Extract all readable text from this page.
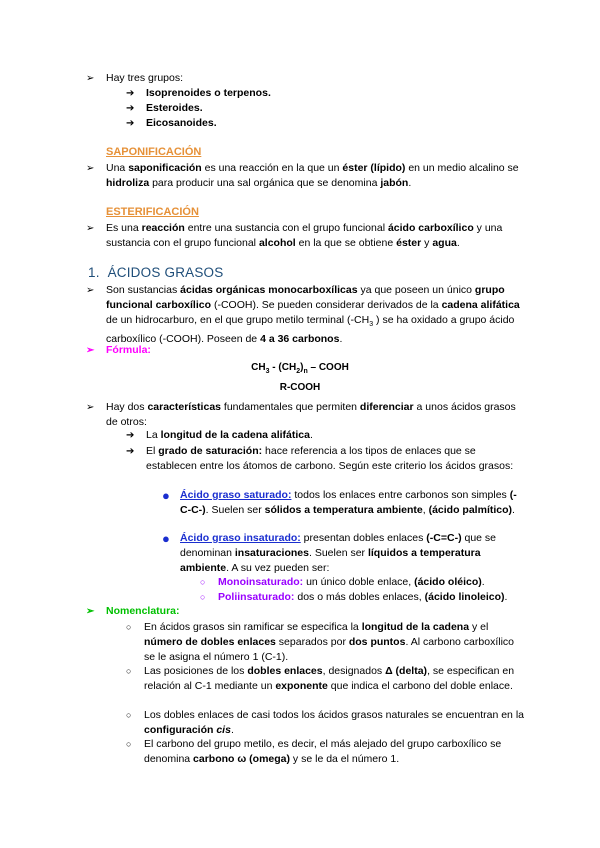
➢ Hay tres grupos:
➔ Isoprenoides o terpenos.
➔ Esteroides.
➔ Eicosanoides.
SAPONIFICACIÓN
➢ Una saponificación es una reacción en la que un éster (lípido) en un medio alcalino se hidroliza para producir una sal orgánica que se denomina jabón.
ESTERIFICACIÓN
➢ Es una reacción entre una sustancia con el grupo funcional ácido carboxílico y una sustancia con el grupo funcional alcohol en la que se obtiene éster y agua.
1. ÁCIDOS GRASOS
➢ Son sustancias ácidas orgánicas monocarboxílicas ya que poseen un único grupo funcional carboxílico (-COOH). Se pueden considerar derivados de la cadena alifática de un hidrocarburo, en el que grupo metilo terminal ($-CH_3$ ) se ha oxidado a grupo ácido carboxílico (-COOH). Poseen de 4 a 36 carbonos.
➢ Fórmula:
$CH_3 - (CH_2)_n$ – COOH
R-COOH
➢ Hay dos características fundamentales que permiten diferenciar a unos ácidos grasos de otros:
➔ La longitud de la cadena alifática.
➔ El grado de saturación: hace referencia a los tipos de enlaces que se establecen entre los átomos de carbono. Según este criterio los ácidos grasos:
● Ácido graso saturado: todos los enlaces entre carbonos son simples (-C-C-). Suelen ser sólidos a temperatura ambiente, (ácido palmítico).
● Ácido graso insaturado: presentan dobles enlaces (-C=C-) que se denominan insaturaciones. Suelen ser líquidos a temperatura ambiente. A su vez pueden ser:
○ Monoinsaturado: un único doble enlace, (ácido oléico).
○ Poliinsaturado: dos o más dobles enlaces, (ácido linoleico).
➢ Nomenclatura:
○ En ácidos grasos sin ramificar se especifica la longitud de la cadena y el número de dobles enlaces separados por dos puntos. Al carbono carboxílico se le asigna el número 1 (C-1).
○ Las posiciones de los dobles enlaces, designados Δ (delta), se especifican en relación al C-1 mediante un exponente que indica el carbono del doble enlace.
○ Los dobles enlaces de casi todos los ácidos grasos naturales se encuentran en la configuración cis.
○ El carbono del grupo metilo, es decir, el más alejado del grupo carboxílico se denomina carbono ω (omega) y se le da el número 1.
